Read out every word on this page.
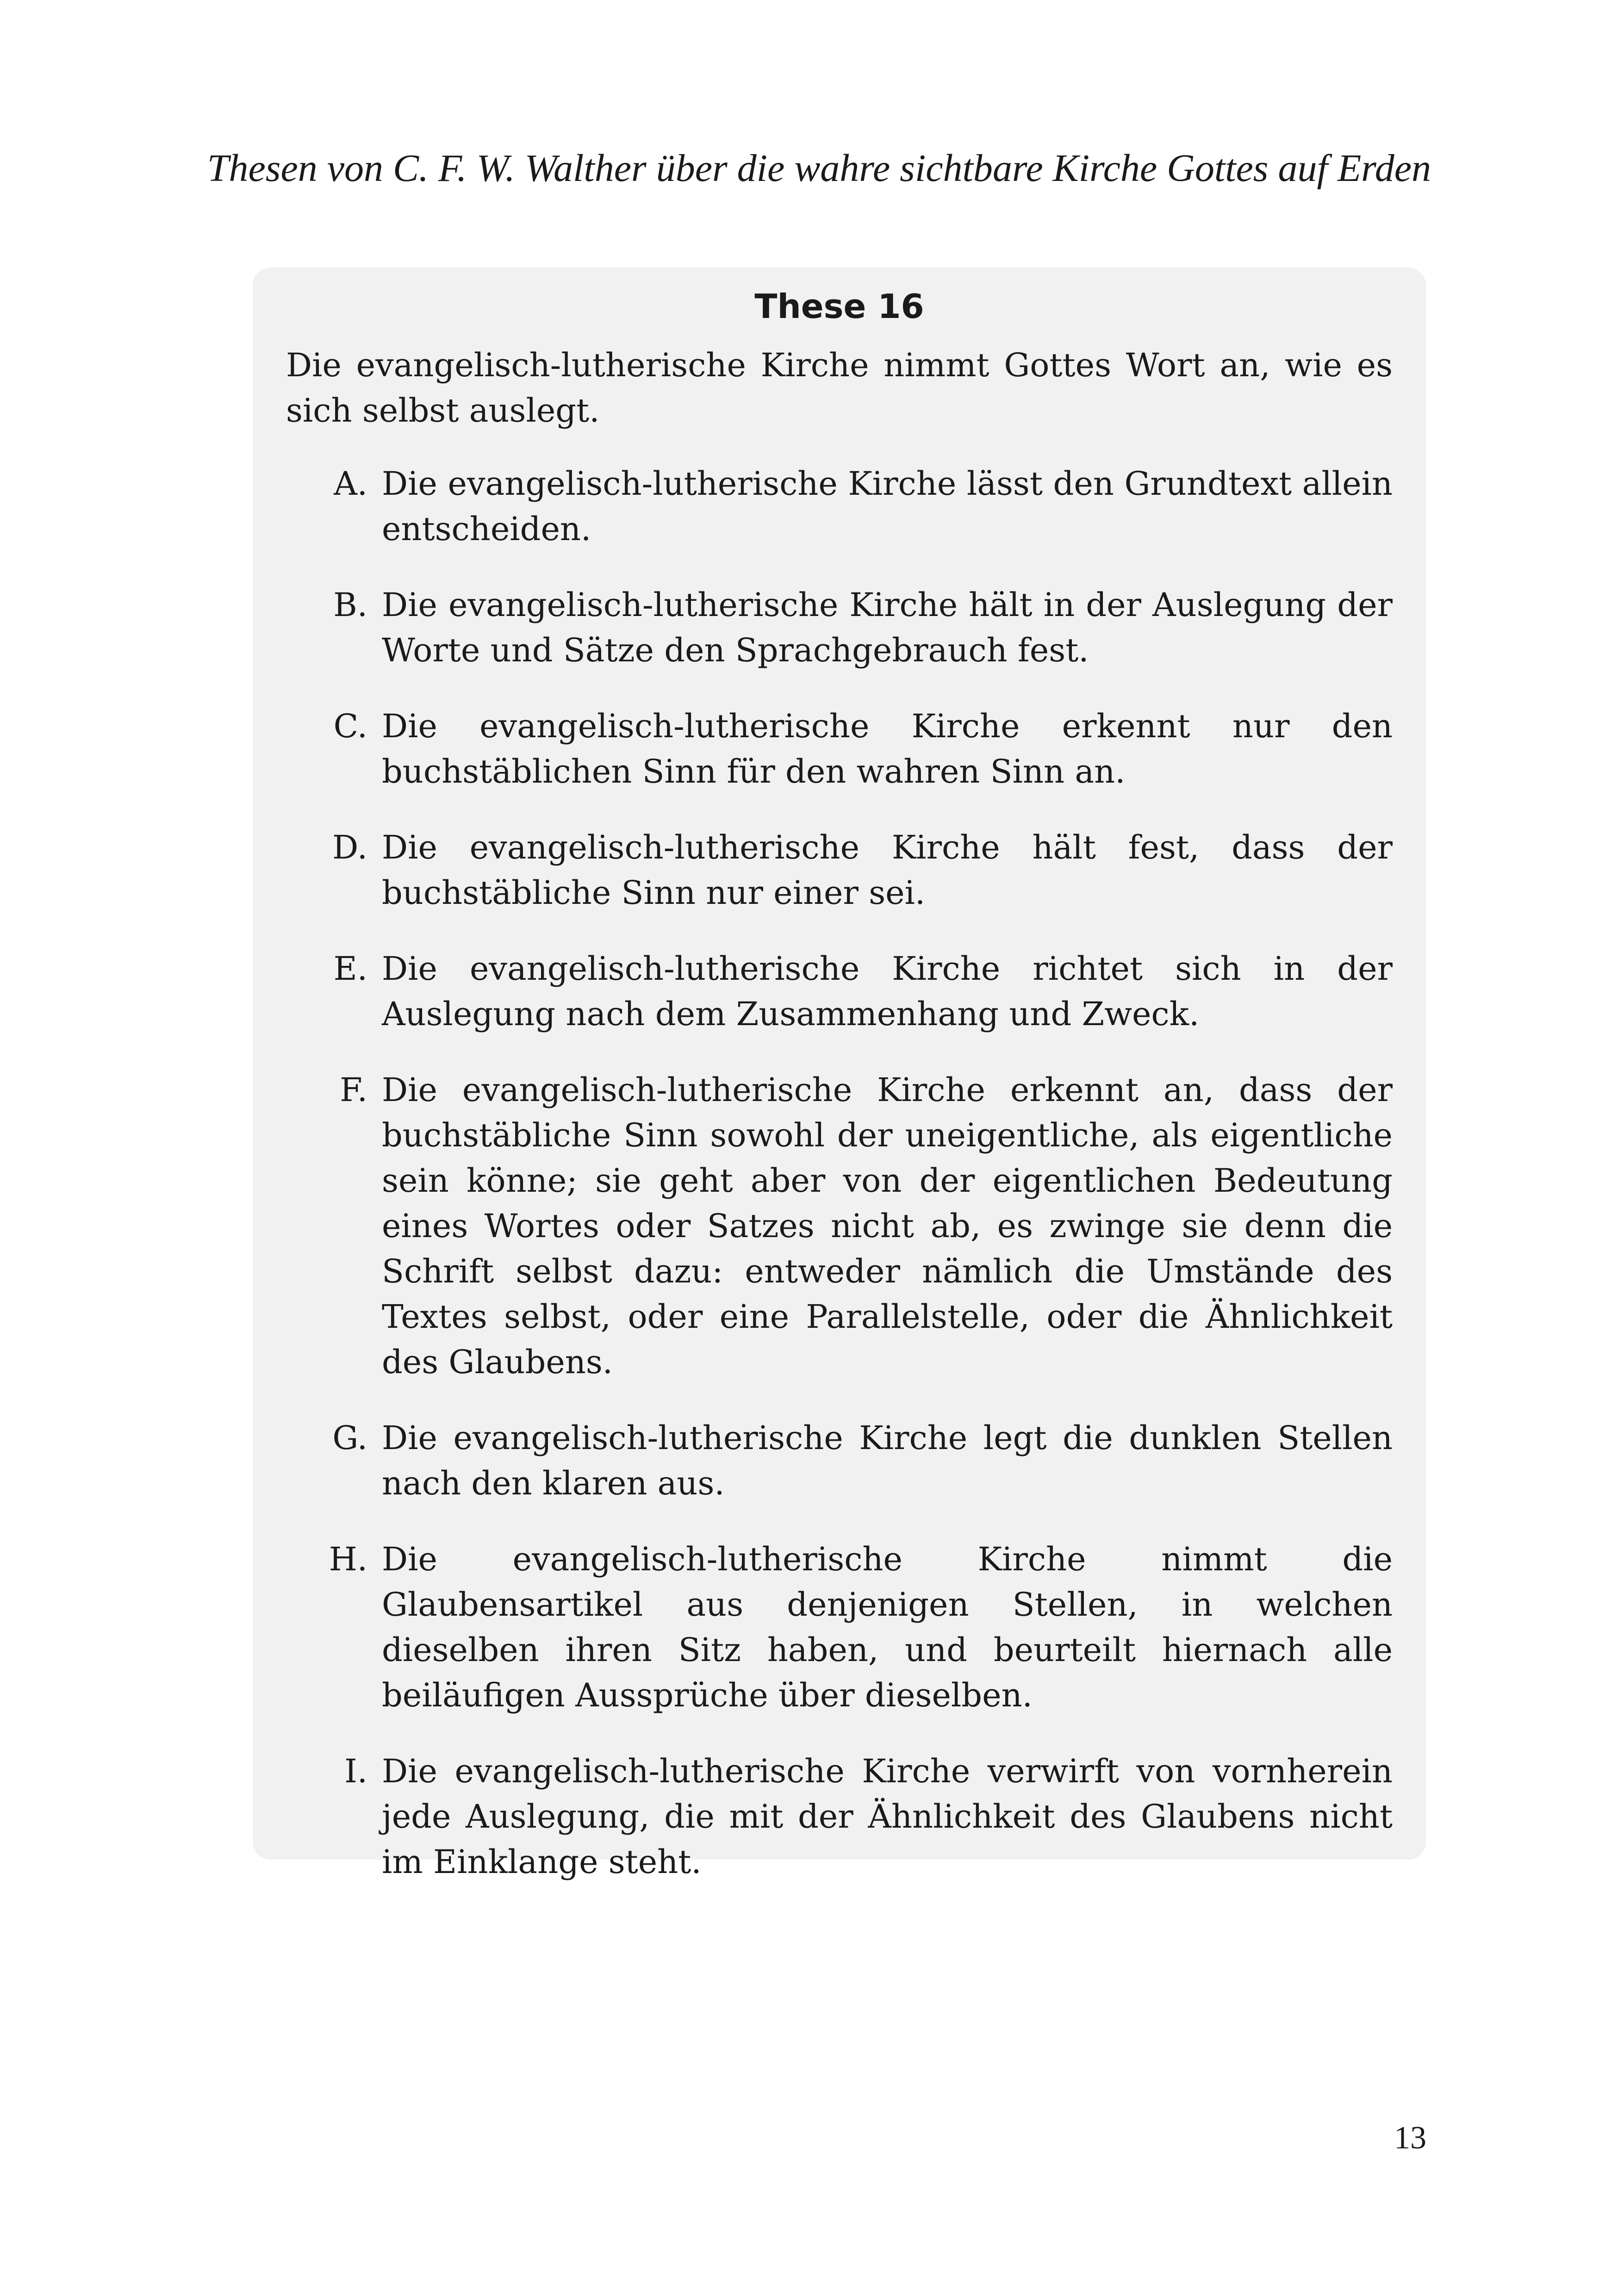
Thesen von C. F. W. Walther über die wahre sichtbare Kirche Gottes auf Erden
These 16

Die evangelisch-lutherische Kirche nimmt Gottes Wort an, wie es sich selbst auslegt.

A. Die evangelisch-lutherische Kirche lässt den Grundtext allein entscheiden.
B. Die evangelisch-lutherische Kirche hält in der Auslegung der Worte und Sätze den Sprachgebrauch fest.
C. Die evangelisch-lutherische Kirche erkennt nur den buchstäblichen Sinn für den wahren Sinn an.
D. Die evangelisch-lutherische Kirche hält fest, dass der buchstäbliche Sinn nur einer sei.
E. Die evangelisch-lutherische Kirche richtet sich in der Auslegung nach dem Zusammenhang und Zweck.
F. Die evangelisch-lutherische Kirche erkennt an, dass der buchstäbliche Sinn sowohl der uneigentliche, als eigentliche sein könne; sie geht aber von der eigentlichen Bedeutung eines Wortes oder Satzes nicht ab, es zwinge sie denn die Schrift selbst dazu: entweder nämlich die Umstände des Textes selbst, oder eine Parallelstelle, oder die Ähnlichkeit des Glaubens.
G. Die evangelisch-lutherische Kirche legt die dunklen Stellen nach den klaren aus.
H. Die evangelisch-lutherische Kirche nimmt die Glaubensartikel aus denjenigen Stellen, in welchen dieselben ihren Sitz haben, und beurteilt hiernach alle beiläufigen Aussprüche über dieselben.
I. Die evangelisch-lutherische Kirche verwirft von vornherein jede Auslegung, die mit der Ähnlichkeit des Glaubens nicht im Einklange steht.
13
